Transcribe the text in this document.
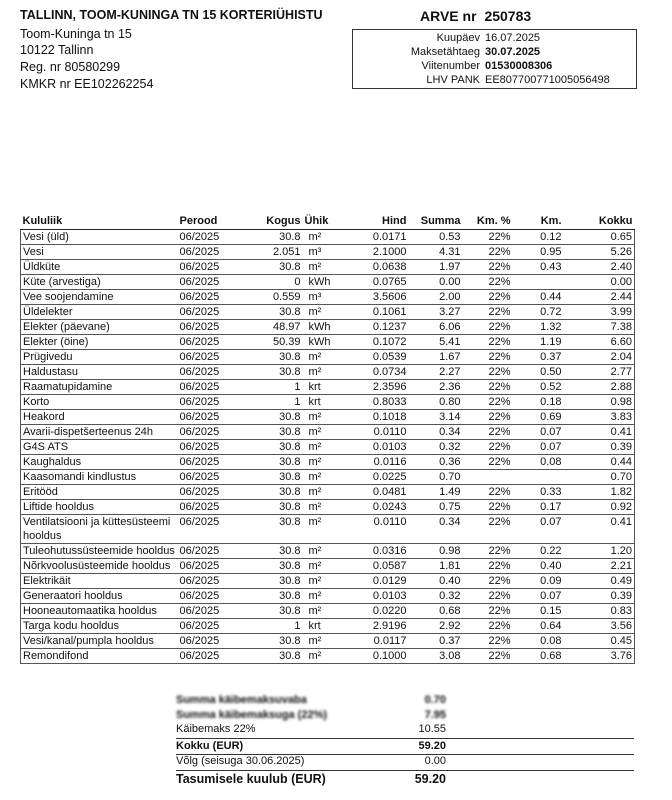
TALLINN, TOOM-KUNINGA TN 15 KORTERIÜHISTU
Toom-Kuninga tn 15
10122 Tallinn
Reg. nr 80580299
KMKR nr EE102262254
ARVE nr 250783
Kuupäev 16.07.2025
Maksetähtaeg 30.07.2025
Viitenumber 01530008306
LHV PANK EE807700771005056498
Kululiik	Perood	Kogus	Ühik	Hind	Summa	Km. %	Km.	Kokku
Vesi (üld)	06/2025	30.8	m²	0.0171	0.53	22%	0.12	0.65
Vesi	06/2025	2.051	m³	2.1000	4.31	22%	0.95	5.26
Üldküte	06/2025	30.8	m²	0.0638	1.97	22%	0.43	2.40
Küte (arvestiga)	06/2025	0	kWh	0.0765	0.00	22%		0.00
Vee soojendamine	06/2025	0.559	m³	3.5606	2.00	22%	0.44	2.44
Üldelekter	06/2025	30.8	m²	0.1061	3.27	22%	0.72	3.99
Elekter (päevane)	06/2025	48.97	kWh	0.1237	6.06	22%	1.32	7.38
Elekter (öine)	06/2025	50.39	kWh	0.1072	5.41	22%	1.19	6.60
Prügivedu	06/2025	30.8	m²	0.0539	1.67	22%	0.37	2.04
Haldustasu	06/2025	30.8	m²	0.0734	2.27	22%	0.50	2.77
Raamatupidamine	06/2025	1	krt	2.3596	2.36	22%	0.52	2.88
Korto	06/2025	1	krt	0.8033	0.80	22%	0.18	0.98
Heakord	06/2025	30.8	m²	0.1018	3.14	22%	0.69	3.83
Avarii-dispetšerteenus 24h	06/2025	30.8	m²	0.0110	0.34	22%	0.07	0.41
G4S ATS	06/2025	30.8	m²	0.0103	0.32	22%	0.07	0.39
Kaughaldus	06/2025	30.8	m²	0.0116	0.36	22%	0.08	0.44
Kaasomandi kindlustus	06/2025	30.8	m²	0.0225	0.70			0.70
Eritööd	06/2025	30.8	m²	0.0481	1.49	22%	0.33	1.82
Liftide hooldus	06/2025	30.8	m²	0.0243	0.75	22%	0.17	0.92
Ventilatsiooni ja küttesüsteemi hooldus	06/2025	30.8	m²	0.0110	0.34	22%	0.07	0.41
Tuleohutussüsteemide hooldus	06/2025	30.8	m²	0.0316	0.98	22%	0.22	1.20
Nõrkvoolusüsteemide hooldus	06/2025	30.8	m²	0.0587	1.81	22%	0.40	2.21
Elektrikäit	06/2025	30.8	m²	0.0129	0.40	22%	0.09	0.49
Generaatori hooldus	06/2025	30.8	m²	0.0103	0.32	22%	0.07	0.39
Hooneautomaatika hooldus	06/2025	30.8	m²	0.0220	0.68	22%	0.15	0.83
Targa kodu hooldus	06/2025	1	krt	2.9196	2.92	22%	0.64	3.56
Vesi/kanal/pumpla hooldus	06/2025	30.8	m²	0.0117	0.37	22%	0.08	0.45
Remondifond	06/2025	30.8	m²	0.1000	3.08	22%	0.68	3.76
Summa käibemaksuvaba	0.70
Summa käibemaksuga (22%)	7.95
Käibemaks 22%	10.55
Kokku (EUR)	59.20
Võlg (seisuga 30.06.2025)	0.00
Tasumisele kuulub (EUR)	59.20
